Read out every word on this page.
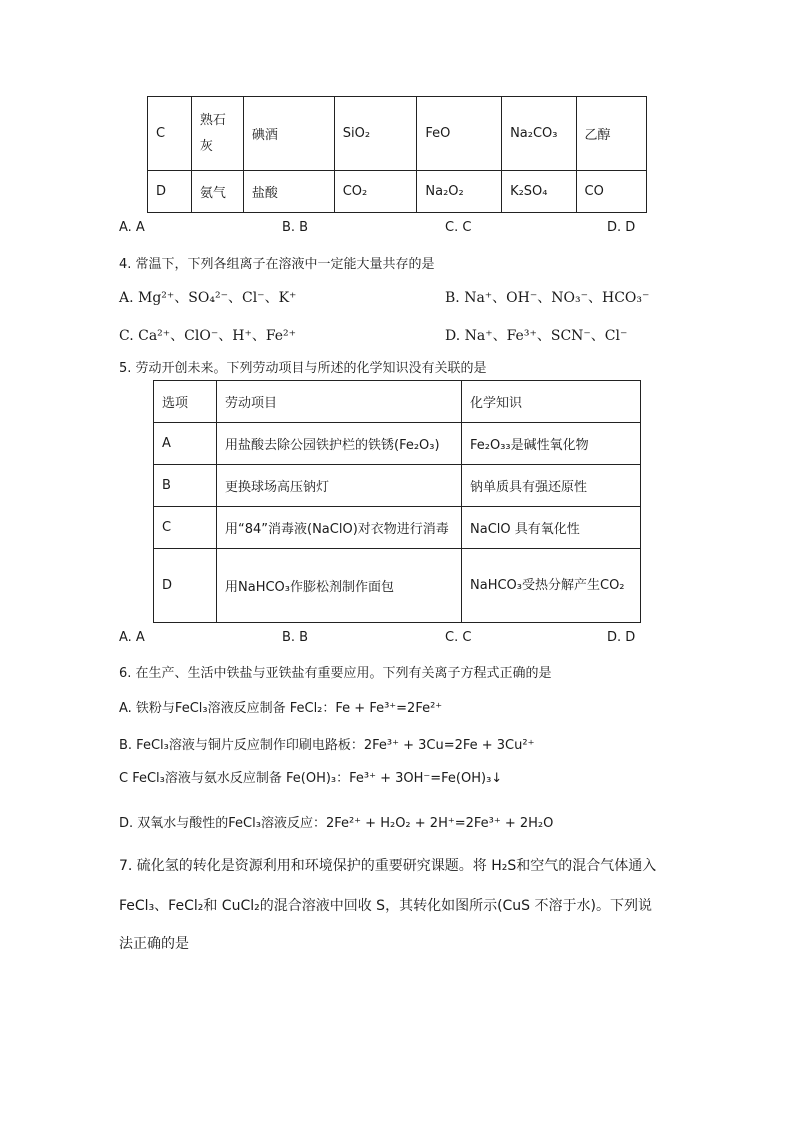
C	熟石灰	碘酒	SiO₂	FeO	Na₂CO₃	乙醇
D	氨气	盐酸	CO₂	Na₂O₂	K₂SO₄	CO
A. A	B. B	C. C	D. D
4. 常温下，下列各组离子在溶液中一定能大量共存的是
A. Mg²⁺、SO₄²⁻、Cl⁻、K⁺	B. Na⁺、OH⁻、NO₃⁻、HCO₃⁻
C. Ca²⁺、ClO⁻、H⁺、Fe²⁺	D. Na⁺、Fe³⁺、SCN⁻、Cl⁻
5. 劳动开创未来。下列劳动项目与所述的化学知识没有关联的是
选项	劳动项目	化学知识
A	用盐酸去除公园铁护栏的铁锈(Fe₂O₃)	Fe₂O₃₃是碱性氧化物
B	更换球场高压钠灯	钠单质具有强还原性
C	用“84”消毒液(NaClO)对衣物进行消毒	NaClO 具有氧化性
D	用NaHCO₃作膨松剂制作面包	NaHCO₃受热分解产生CO₂
A. A	B. B	C. C	D. D
6. 在生产、生活中铁盐与亚铁盐有重要应用。下列有关离子方程式正确的是
A. 铁粉与FeCl₃溶液反应制备 FeCl₂：Fe + Fe³⁺=2Fe²⁺
B. FeCl₃溶液与铜片反应制作印刷电路板：2Fe³⁺ + 3Cu=2Fe + 3Cu²⁺
C FeCl₃溶液与氨水反应制备 Fe(OH)₃：Fe³⁺ + 3OH⁻=Fe(OH)₃↓
D. 双氧水与酸性的FeCl₃溶液反应：2Fe²⁺ + H₂O₂ + 2H⁺=2Fe³⁺ + 2H₂O
7. 硫化氢的转化是资源利用和环境保护的重要研究课题。将 H₂S和空气的混合气体通入
FeCl₃、FeCl₂和 CuCl₂的混合溶液中回收 S，其转化如图所示(CuS 不溶于水)。下列说
法正确的是
